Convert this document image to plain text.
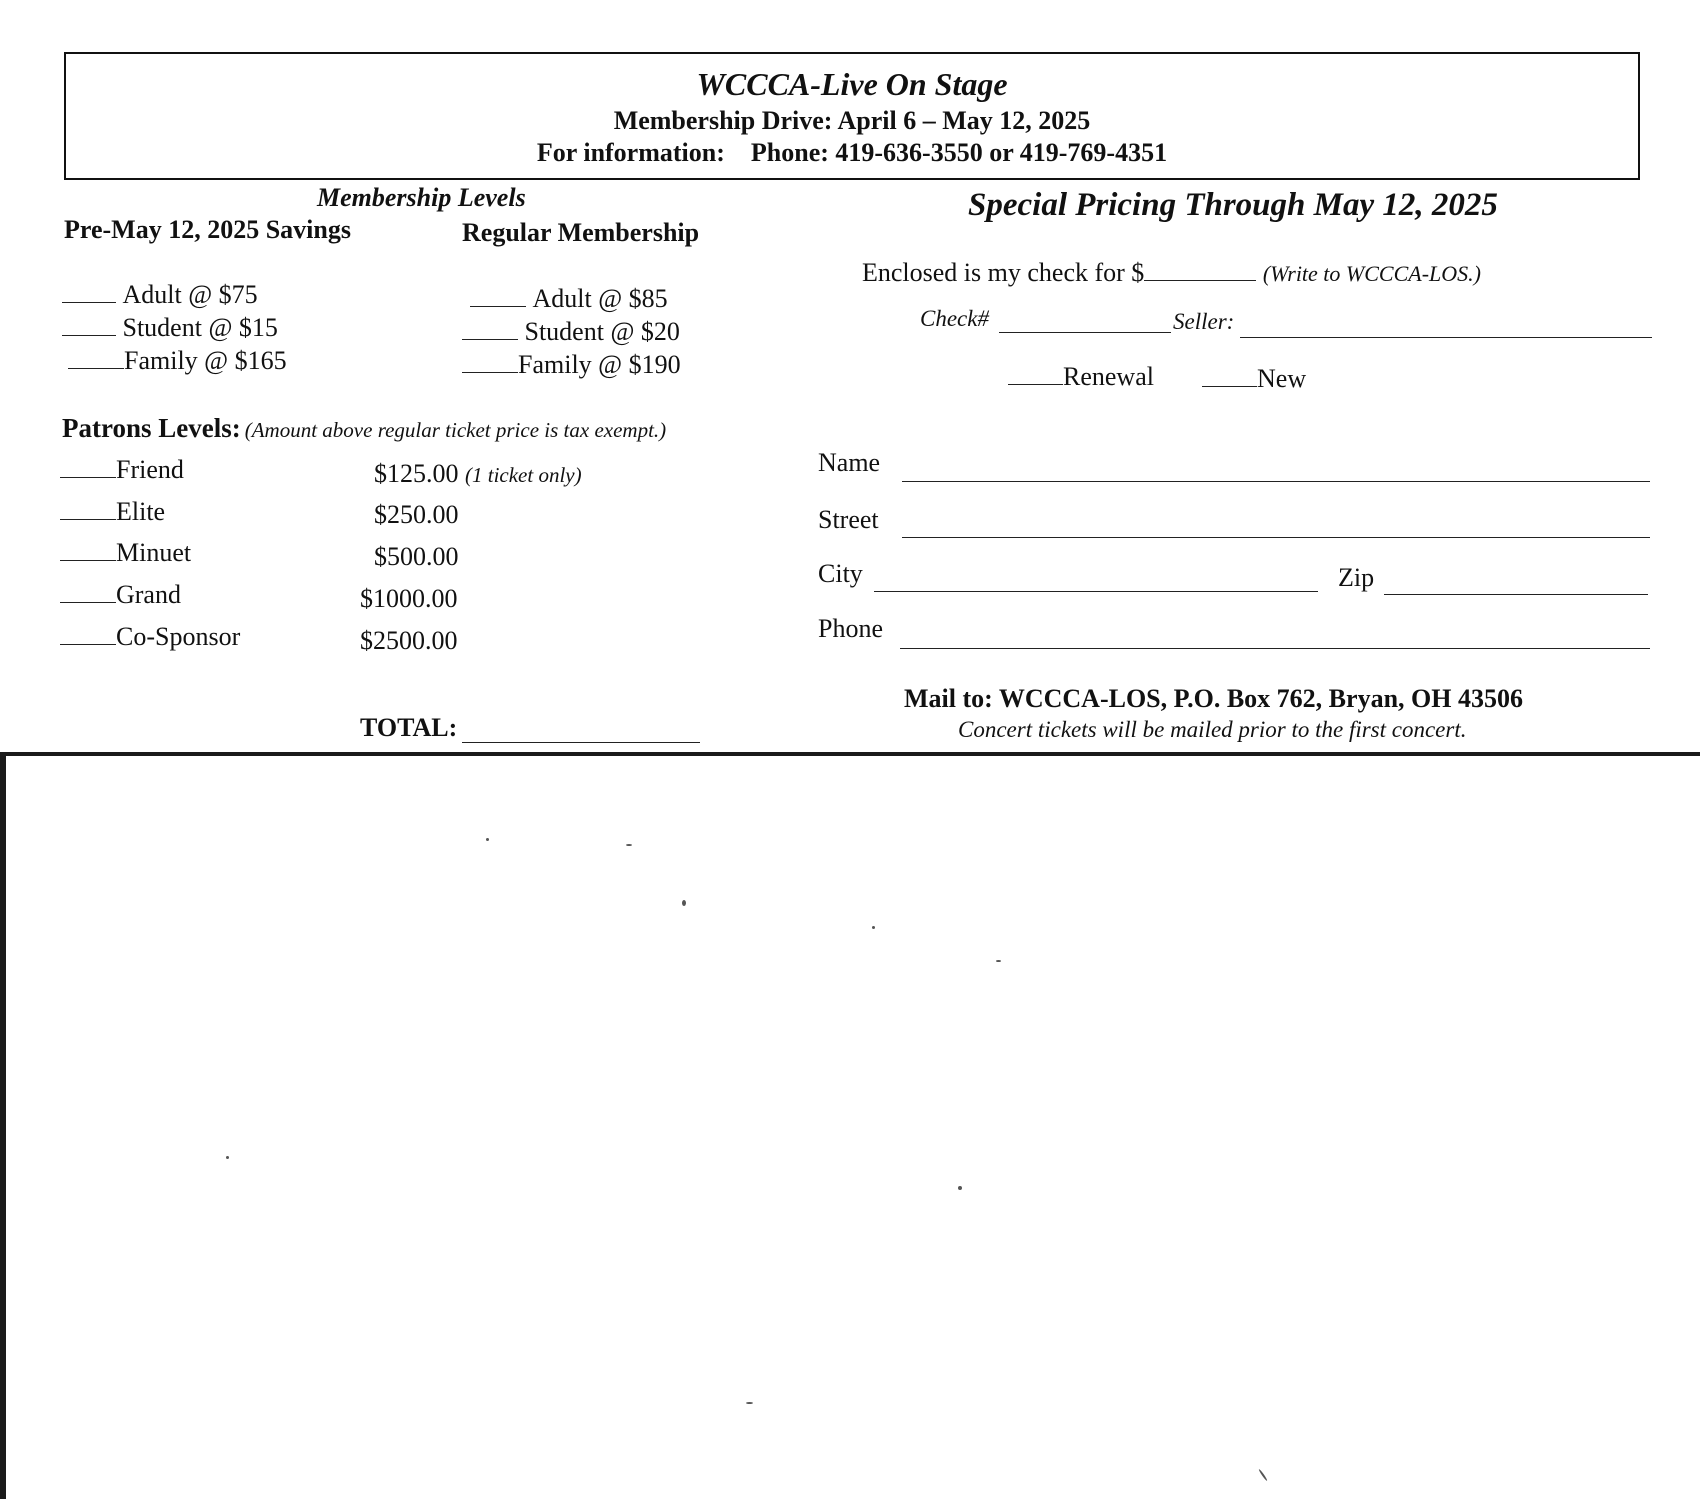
WCCCA-Live On Stage
Membership Drive: April 6 – May 12, 2025
For information: Phone: 419-636-3550 or 419-769-4351
Membership Levels
Pre-May 12, 2025 Savings	Regular Membership
Adult @ $75
Student @ $15
Family @ $165
Adult @ $85
Student @ $20
Family @ $190
Patrons Levels: (Amount above regular ticket price is tax exempt.)
Friend	$125.00 (1 ticket only)
Elite	$250.00
Minuet	$500.00
Grand	$1000.00
Co-Sponsor	$2500.00
TOTAL:
Special Pricing Through May 12, 2025
Enclosed is my check for $	(Write to WCCCA-LOS.)
Check#	Seller:
Renewal	New
Name
Street
City	Zip
Phone
Mail to: WCCCA-LOS, P.O. Box 762, Bryan, OH 43506
Concert tickets will be mailed prior to the first concert.
